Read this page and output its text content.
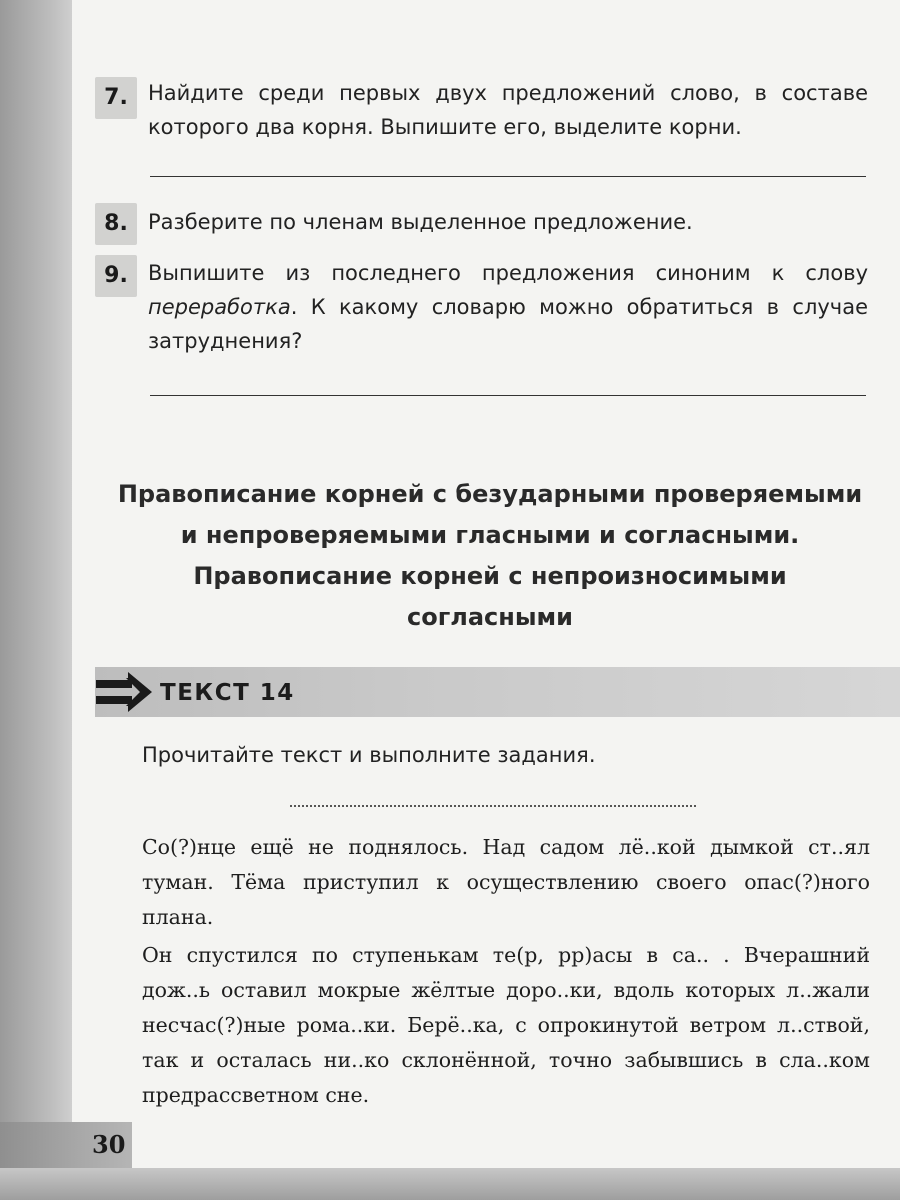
7. Найдите среди первых двух предложений слово, в составе которого два корня. Выпишите его, выделите корни.
8. Разберите по членам выделенное предложение.
9. Выпишите из последнего предложения синоним к слову переработка. К какому словарю можно обратиться в случае затруднения?
Правописание корней с безударными проверяемыми и непроверяемыми гласными и согласными. Правописание корней с непроизносимыми согласными
ТЕКСТ 14
Прочитайте текст и выполните задания.

Со(?)нце ещё не поднялось. Над садом лё..кой дымкой ст..ял туман. Тёма приступил к осуществлению своего опас(?)ного плана.

Он спустился по ступенькам те(р, рр)асы в са.. . Вчерашний дож..ь оставил мокрые жёлтые доро..ки, вдоль которых л..жали несчас(?)ные рома..ки. Берё..ка, с опрокинутой ветром л..ствой, так и осталась ни..ко склонённой, точно забывшись в сла..ком предрассветном сне.

30
